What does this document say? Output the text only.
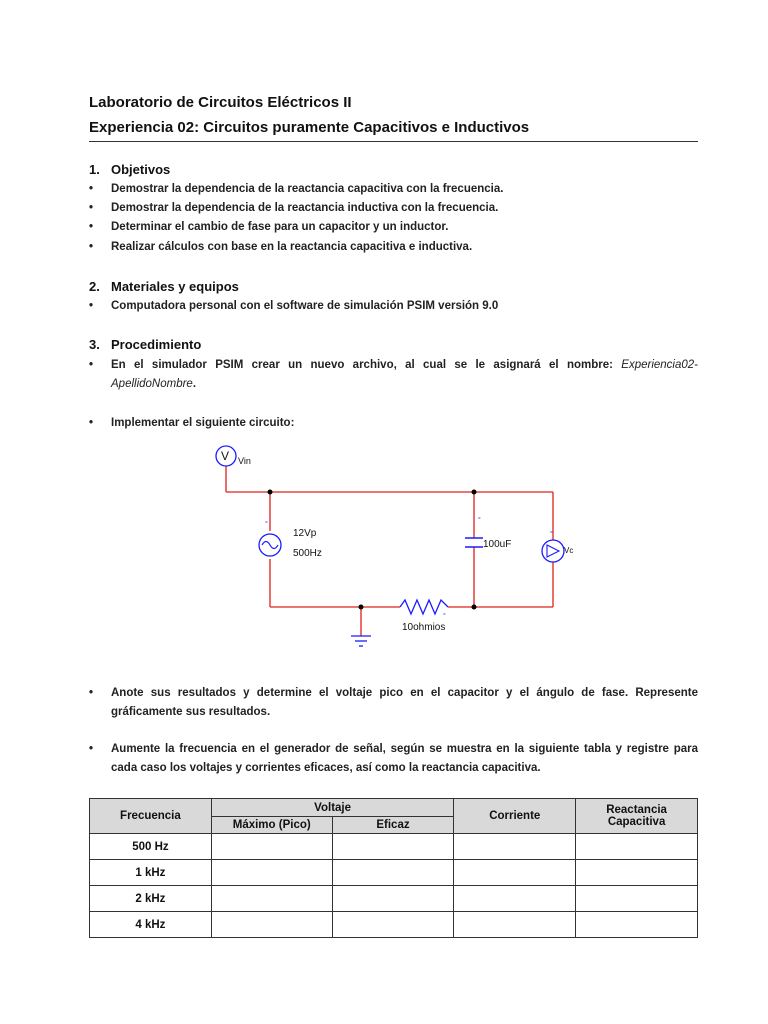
Laboratorio de Circuitos Eléctricos II
Experiencia 02: Circuitos puramente Capacitivos e Inductivos
1. Objetivos
• Demostrar la dependencia de la reactancia capacitiva con la frecuencia.
• Demostrar la dependencia de la reactancia inductiva con la frecuencia.
• Determinar el cambio de fase para un capacitor y un inductor.
• Realizar cálculos con base en la reactancia capacitiva e inductiva.
2. Materiales y equipos
• Computadora personal con el software de simulación PSIM versión 9.0
3. Procedimiento
• En el simulador PSIM crear un nuevo archivo, al cual se le asignará el nombre: Experiencia02-ApellidoNombre.
• Implementar el siguiente circuito:
V Vin
°
12Vp
500Hz
°
100uF
°
Vc
°
10ohmios
• Anote sus resultados y determine el voltaje pico en el capacitor y el ángulo de fase. Represente gráficamente sus resultados.
• Aumente la frecuencia en el generador de señal, según se muestra en la siguiente tabla y registre para cada caso los voltajes y corrientes eficaces, así como la reactancia capacitiva.
Frecuencia	Voltaje		Corriente	Reactancia Capacitiva
	Máximo (Pico)	Eficaz		
500 Hz				
1 kHz				
2 kHz				
4 kHz				
